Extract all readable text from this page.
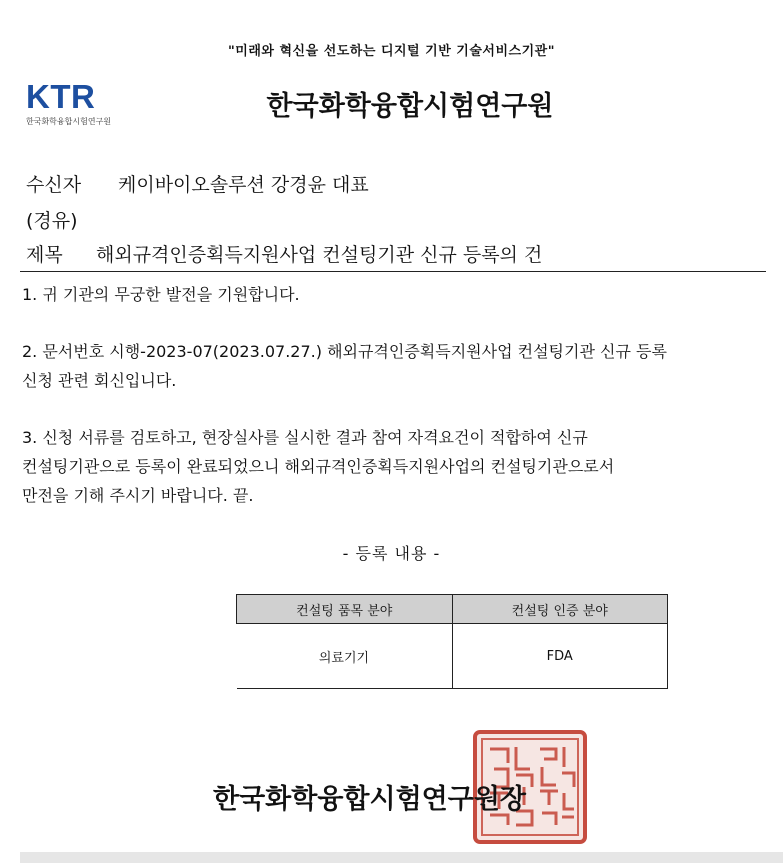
"미래와 혁신을 선도하는 디지털 기반 기술서비스기관"
KTR
한국화학융합시험연구원	한국화학융합시험연구원
수신자 케이바이오솔루션 강경윤 대표
(경유)
제목 해외규격인증획득지원사업 컨설팅기관 신규 등록의 건
1. 귀 기관의 무궁한 발전을 기원합니다.
2. 문서번호 시행-2023-07(2023.07.27.) 해외규격인증획득지원사업 컨설팅기관 신규 등록
신청 관련 회신입니다.
3. 신청 서류를 검토하고, 현장실사를 실시한 결과 참여 자격요건이 적합하여 신규
컨설팅기관으로 등록이 완료되었으니 해외규격인증획득지원사업의 컨설팅기관으로서
만전을 기해 주시기 바랍니다. 끝.
- 등록 내용 -
컨설팅 품목 분야	컨설팅 인증 분야
의료기기	FDA
한국화학융합시험연구원장
